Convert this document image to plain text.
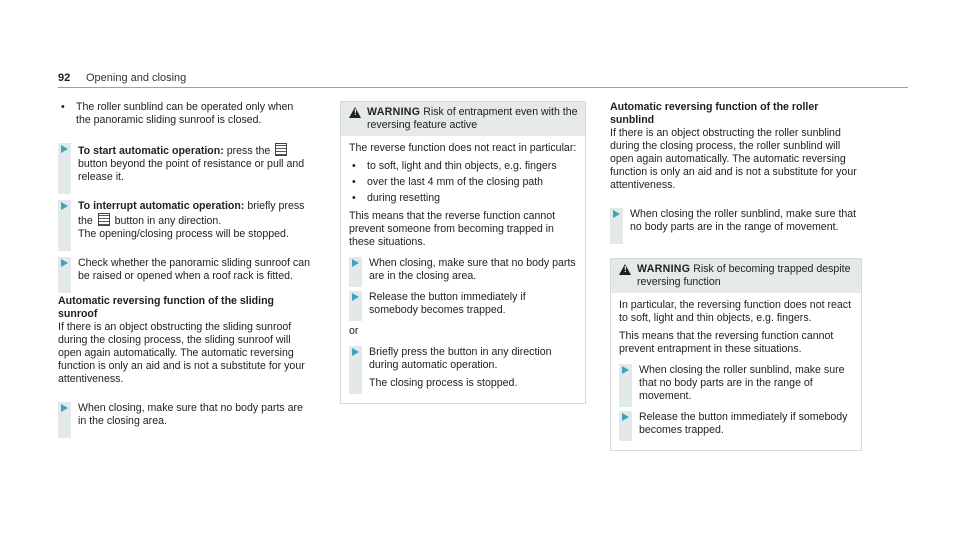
92 Opening and closing
• The roller sunblind can be operated only when the panoramic sliding sunroof is closed.

To start automatic operation: press the  button beyond the point of resistance or pull and release it.

To interrupt automatic operation: briefly press the  button in any direction.

The opening/closing process will be stopped.

Check whether the panoramic sliding sunroof can be raised or opened when a roof rack is fitted.

Automatic reversing function of the sliding sunroof

If there is an object obstructing the sliding sunroof during the closing process, the sliding sunroof will open again automatically. The automatic reversing function is only an aid and is not a substitute for your attentiveness.

When closing, make sure that no body parts are in the closing area.

! WARNING Risk of entrapment even with the reversing feature active

The reverse function does not react in particular:

• to soft, light and thin objects, e.g. fingers
• over the last 4 mm of the closing path
• during resetting

This means that the reverse function cannot prevent someone from becoming trapped in these situations.

When closing, make sure that no body parts are in the closing area.

Release the button immediately if somebody becomes trapped.

or

Briefly press the button in any direction during automatic operation.

The closing process is stopped.

Automatic reversing function of the roller sunblind

If there is an object obstructing the roller sunblind during the closing process, the roller sunblind will open again automatically. The automatic reversing function is only an aid and is not a substitute for your attentiveness.

When closing the roller sunblind, make sure that no body parts are in the range of movement.

! WARNING Risk of becoming trapped despite reversing function

In particular, the reversing function does not react to soft, light and thin objects, e.g. fingers.

This means that the reversing function cannot prevent entrapment in these situations.

When closing the roller sunblind, make sure that no body parts are in the range of movement.

Release the button immediately if somebody becomes trapped.
